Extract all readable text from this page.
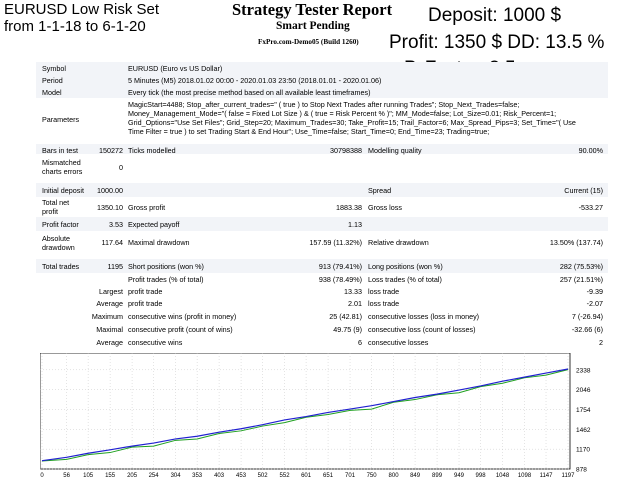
EURUSD Low Risk Set
from 1-1-18 to 6-1-20
Strategy Tester Report
Smart Pending
FxPro.com-Demo05 (Build 1260)
Deposit: 1000 $
Profit: 1350 $ DD: 13.5 %
Symbol	EURUSD (Euro vs US Dollar)
Period	5 Minutes (M5) 2018.01.02 00:00 - 2020.01.03 23:50 (2018.01.01 - 2020.01.06)
Model	Every tick (the most precise method based on all available least timeframes)
Parameters
MagicStart=4488; Stop_after_current_trades=" ( true ) to Stop Next Trades after running Trades"; Stop_Next_Trades=false;
Money_Management_Mode="( false = Fixed Lot Size ) & ( true = Risk Percent % )"; MM_Mode=false; Lot_Size=0.01; Risk_Percent=1;
Grid_Options="Use Set Files"; Grid_Step=20; Maximum_Trades=30; Take_Profit=15; Trail_Factor=6; Max_Spread_Pips=3; Set_Time="( Use
Time Filter = true ) to set Trading Start & End Hour"; Use_Time=false; Start_Time=0; End_Time=23; Trading=true;
Bars in test	150272 Ticks modelled	30798388 Modelling quality	90.00%
Mismatched
charts errors	0
Initial deposit	1000.00	Spread	Current (15)
Total net
profit	1350.10 Gross profit	1883.38 Gross loss	-533.27
Profit factor	3.53 Expected payoff	1.13
Absolute
drawdown
117.64 Maximal drawdown	157.59 (11.32%) Relative drawdown	13.50% (137.74)
Total trades	1195 Short positions (won %)	913 (79.41%) Long positions (won %)	282 (75.53%)
Profit trades (% of total)	938 (78.49%) Loss trades (% of total)	257 (21.51%)
Largest profit trade	13.33 loss trade	-9.39
Average profit trade	2.01 loss trade	-2.07
Maximum consecutive wins (profit in money)	25 (42.81) consecutive losses (loss in money)	7 (-26.94)
Maximal consecutive profit (count of wins)	49.75 (9) consecutive loss (count of losses)	-32.66 (6)
Average consecutive wins	6 consecutive losses	2
2338
2046
1754
1462
1170
878
0	56 105 155 205 254 304 353 403 453 502 552 601 651 701 750 800 849 899 949 998 1048 1098 1147 1197
